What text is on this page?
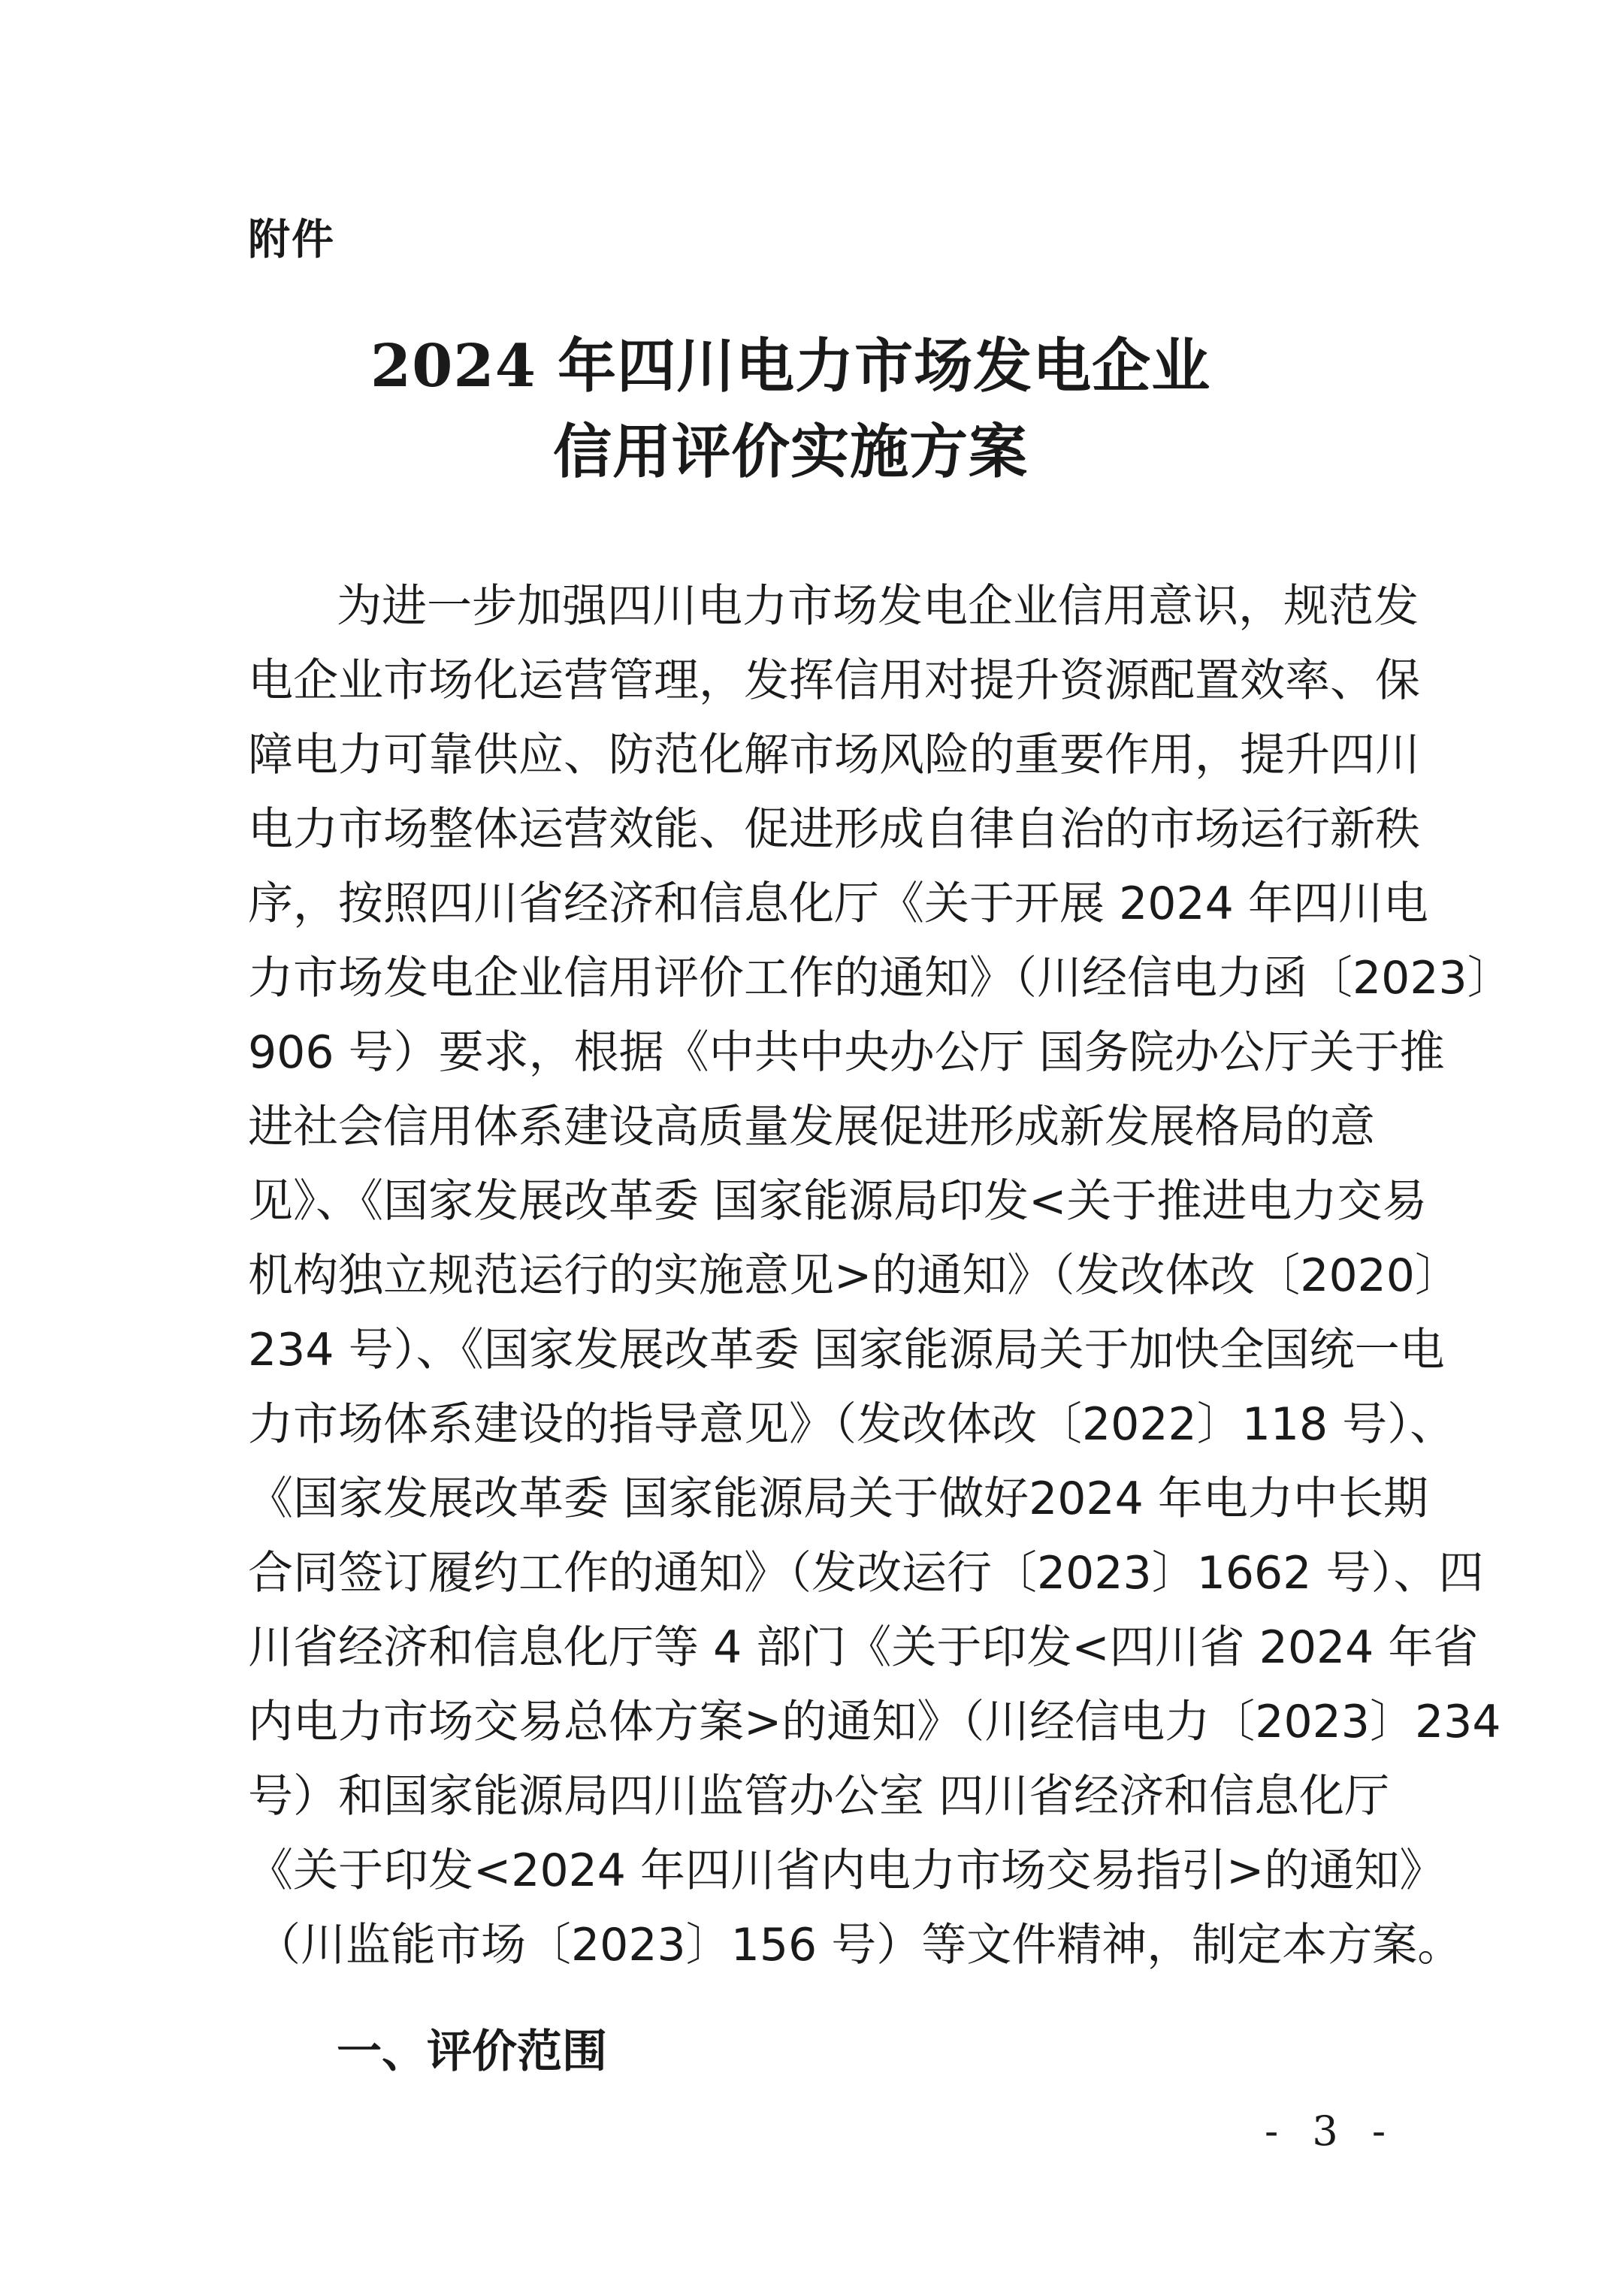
附件
2024 年四川电力市场发电企业
信用评价实施方案
为进一步加强四川电力市场发电企业信用意识，规范发
电企业市场化运营管理，发挥信用对提升资源配置效率、保
障电力可靠供应、防范化解市场风险的重要作用，提升四川
电力市场整体运营效能、促进形成自律自治的市场运行新秩
序，按照四川省经济和信息化厅《关于开展 2024 年四川电
力市场发电企业信用评价工作的通知》（川经信电力函〔2023〕
906 号）要求，根据《中共中央办公厅 国务院办公厅关于推
进社会信用体系建设高质量发展促进形成新发展格局的意
见》、《国家发展改革委 国家能源局印发<关于推进电力交易
机构独立规范运行的实施意见>的通知》（发改体改〔2020〕
234 号）、《国家发展改革委 国家能源局关于加快全国统一电
力市场体系建设的指导意见》（发改体改〔2022〕118 号）、
《国家发展改革委 国家能源局关于做好2024 年电力中长期
合同签订履约工作的通知》（发改运行〔2023〕1662 号）、四
川省经济和信息化厅等 4 部门《关于印发<四川省 2024 年省
内电力市场交易总体方案>的通知》（川经信电力〔2023〕234
号）和国家能源局四川监管办公室 四川省经济和信息化厅
《关于印发<2024 年四川省内电力市场交易指引>的通知》
（川监能市场〔2023〕156 号）等文件精神，制定本方案。
一、评价范围
- 3 -
